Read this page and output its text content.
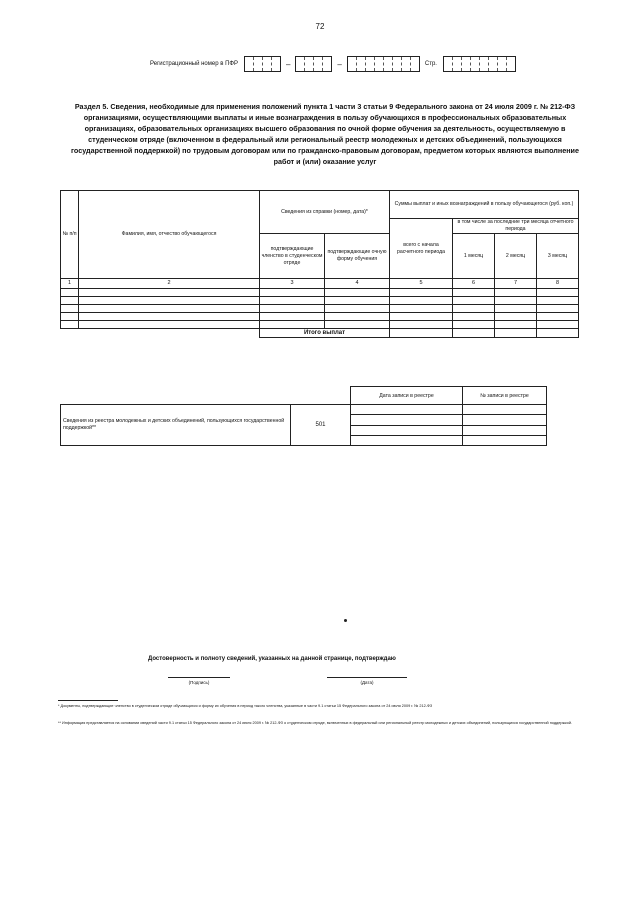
72
Регистрационный номер в ПФР	–	–	Стр.
Раздел 5. Сведения, необходимые для применения положений пункта 1 части 3 статьи 9 Федерального закона от 24 июля 2009 г. № 212-ФЗ организациями, осуществляющими выплаты и иные вознаграждения в пользу обучающихся в профессиональных образовательных организациях, образовательных организациях высшего образования по очной форме обучения за деятельность, осуществляемую в студенческом отряде (включенном в федеральный или региональный реестр молодежных и детских объединений, пользующихся государственной поддержкой) по трудовым договорам или по гражданско-правовым договорам, предметом которых являются выполнение работ и (или) оказание услуг
№ п/п	Фамилия, имя, отчество обучающегося	Сведения из справки (номер, дата)*		Суммы выплат и иных вознаграждений в пользу обучающегося (руб. коп.)			
				всего с начала расчетного периода	в том числе за последние три месяца отчетного периода		
		подтверждающие членство в студенческом отряде	подтверждающие очную форму обучения		1 месяц	2 месяц	3 месяц
1	2	3	4	5	6	7	8

		Итого выплат					
		Дата записи в реестре	№ записи в реестре
Сведения из реестра молодежных и детских объединений, пользующихся государственной поддержкой**	501		

Достоверность и полноту сведений, указанных на данной странице, подтверждаю
(Подпись)	(Дата)
* Документы, подтверждающие членство в студенческом отряде обучающихся и форму их обучения в период такого членства, указанные в части 9.1 статьи 15 Федерального закона от 24 июля 2009 г. № 212-ФЗ
** Информация представляется на основании сведений части 9.1 статьи 15 Федерального закона от 24 июля 2009 г. № 212-ФЗ о студенческом отряде, включенных в федеральный или региональный реестр молодежных и детских объединений, пользующихся государственной поддержкой.
